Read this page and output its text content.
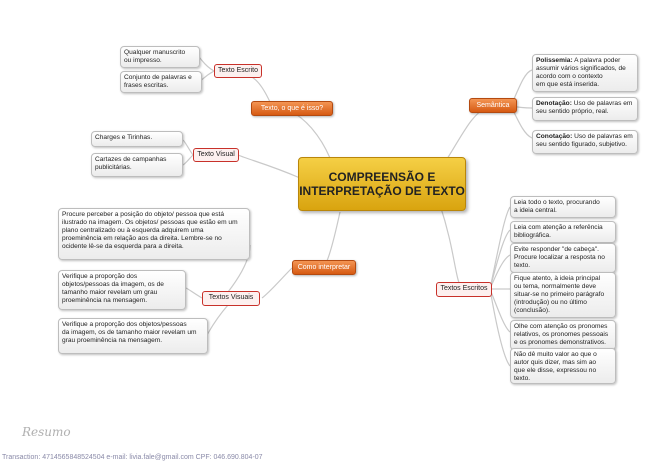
COMPREENSÃO E
INTERPRETAÇÃO DE TEXTO
Texto, o que é isso?	Semântica
Como interpretar
Texto Escrito
Texto Visual
Textos Visuais
Textos Escritos
Qualquer manuscrito
ou impresso.
Conjunto de palavras e
frases escritas.
Charges e Tirinhas.
Cartazes de campanhas
publicitárias.
Polissemia: A palavra poder
assumir vários significados, de
acordo com o contexto
em que está inserida.
Denotação: Uso de palavras em
seu sentido próprio, real.
Conotação: Uso de palavras em
seu sentido figurado, subjetivo.
Procure perceber a posição do objeto/ pessoa que está
ilustrado na imagem. Os objetos/ pessoas que estão em um
plano centralizado ou à esquerda adquirem uma
proeminência em relação aos da direita. Lembre-se no
ocidente lê-se da esquerda para a direita.
Verifique a proporção dos
objetos/pessoas da imagem, os de
tamanho maior revelam um grau
proeminência na mensagem.
Verifique a proporção dos objetos/pessoas
da imagem, os de tamanho maior revelam um
grau proeminência na mensagem.
Leia todo o texto, procurando
a ideia central.
Leia com atenção a referência
bibliográfica.
Evite responder "de cabeça".
Procure localizar a resposta no
texto.
Fique atento, à ideia principal
ou tema, normalmente deve
situar-se no primeiro parágrafo
(introdução) ou no último
(conclusão).
Olhe com atenção os pronomes
relativos, os pronomes pessoais
e os pronomes demonstrativos.
Não dê muito valor ao que o
autor quis dizer, mas sim ao
que ele disse, expressou no
texto.
Resumo
Transaction: 4714565848524504 e-mail: livia.fale@gmail.com CPF: 046.690.804-07
